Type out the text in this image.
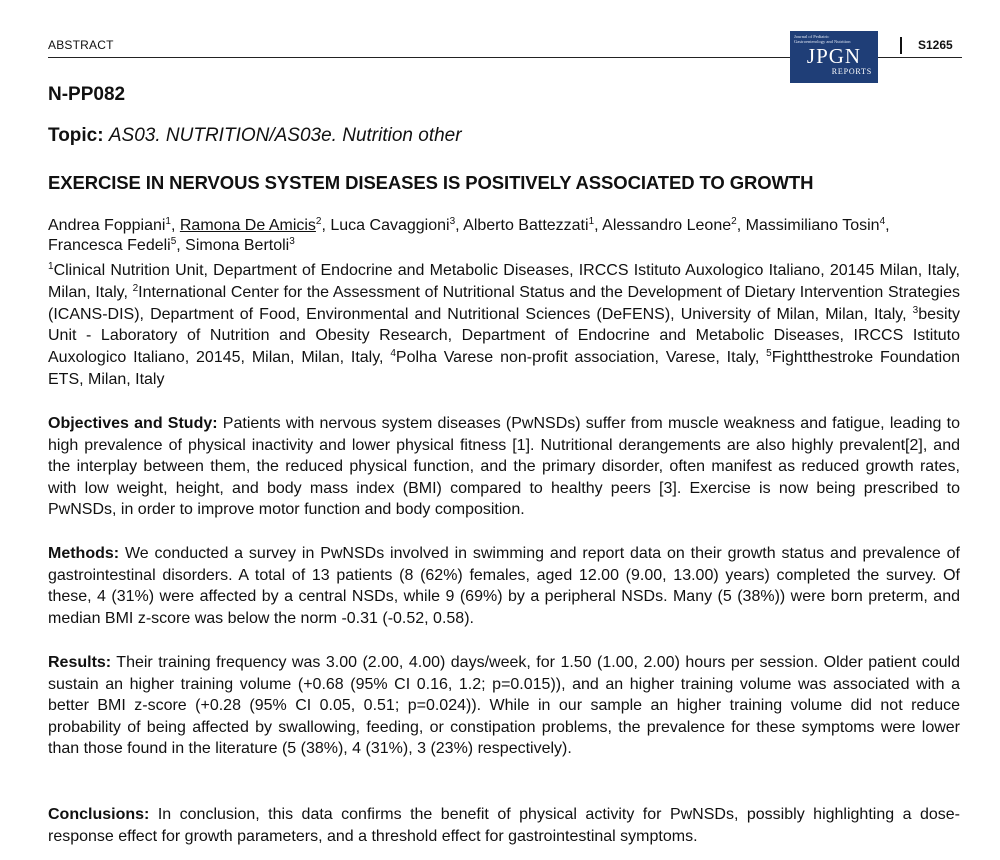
ABSTRACT
Journal of Pediatric
Gastroenterology and Nutrition
JPGN
REPORTS
S1265
N-PP082
Topic: AS03. NUTRITION/AS03e. Nutrition other
EXERCISE IN NERVOUS SYSTEM DISEASES IS POSITIVELY ASSOCIATED TO GROWTH
Andrea Foppiani$^1$, Ramona De Amicis$^2$, Luca Cavaggioni$^3$, Alberto Battezzati$^1$, Alessandro Leone$^2$, Massimiliano Tosin$^4$, Francesca Fedeli$^5$, Simona Bertoli$^3$
$^1$Clinical Nutrition Unit, Department of Endocrine and Metabolic Diseases, IRCCS Istituto Auxologico Italiano, 20145 Milan, Italy, Milan, Italy, $^2$International Center for the Assessment of Nutritional Status and the Development of Dietary Intervention Strategies (ICANS-DIS), Department of Food, Environmental and Nutritional Sciences (DeFENS), University of Milan, Milan, Italy, $^3$besity Unit - Laboratory of Nutrition and Obesity Research, Department of Endocrine and Metabolic Diseases, IRCCS Istituto Auxologico Italiano, 20145, Milan, Milan, Italy, $^4$Polha Varese non-profit association, Varese, Italy, $^5$Fightthestroke Foundation ETS, Milan, Italy
Objectives and Study: Patients with nervous system diseases (PwNSDs) suffer from muscle weakness and fatigue, leading to high prevalence of physical inactivity and lower physical fitness [1]. Nutritional derangements are also highly prevalent[2], and the interplay between them, the reduced physical function, and the primary disorder, often manifest as reduced growth rates, with low weight, height, and body mass index (BMI) compared to healthy peers [3]. Exercise is now being prescribed to PwNSDs, in order to improve motor function and body composition.
Methods: We conducted a survey in PwNSDs involved in swimming and report data on their growth status and prevalence of gastrointestinal disorders. A total of 13 patients (8 (62%) females, aged 12.00 (9.00, 13.00) years) completed the survey. Of these, 4 (31%) were affected by a central NSDs, while 9 (69%) by a peripheral NSDs. Many (5 (38%)) were born preterm, and median BMI z-score was below the norm -0.31 (-0.52, 0.58).
Results: Their training frequency was 3.00 (2.00, 4.00) days/week, for 1.50 (1.00, 2.00) hours per session. Older patient could sustain an higher training volume (+0.68 (95% CI 0.16, 1.2; p=0.015)), and an higher training volume was associated with a better BMI z-score (+0.28 (95% CI 0.05, 0.51; p=0.024)). While in our sample an higher training volume did not reduce probability of being affected by swallowing, feeding, or constipation problems, the prevalence for these symptoms were lower than those found in the literature (5 (38%), 4 (31%), 3 (23%) respectively).
Conclusions: In conclusion, this data confirms the benefit of physical activity for PwNSDs, possibly highlighting a dose-response effect for growth parameters, and a threshold effect for gastrointestinal symptoms.
